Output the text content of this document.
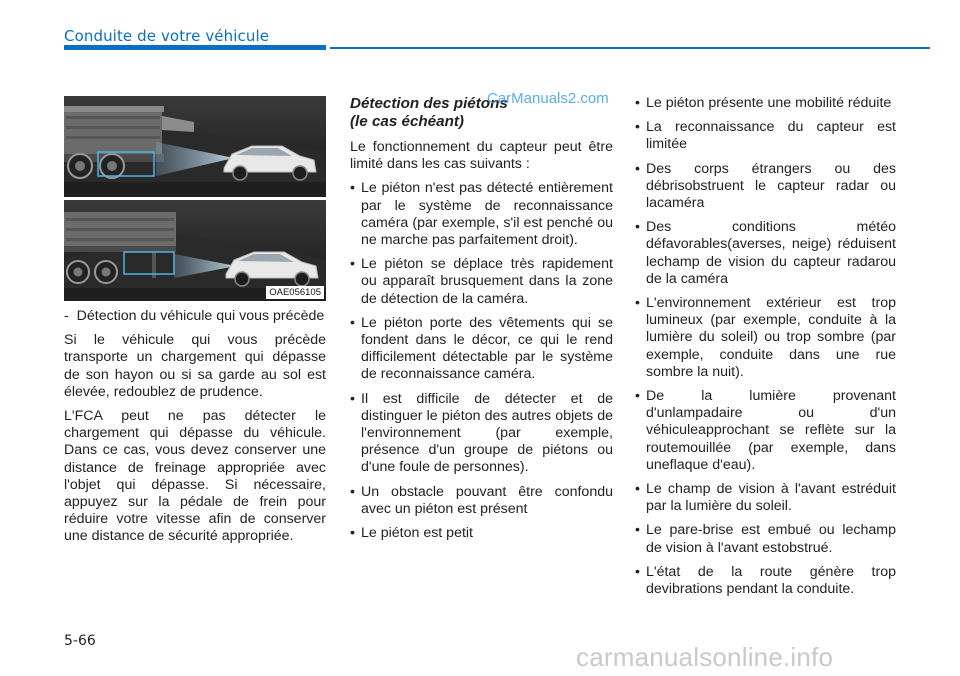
Conduite de votre véhicule
OAE056105
- Détection du véhicule qui vous précède

Si le véhicule qui vous précède transporte un chargement qui dépasse de son hayon ou si sa garde au sol est élevée, redoublez de prudence.

L'FCA peut ne pas détecter le chargement qui dépasse du véhicule. Dans ce cas, vous devez conserver une distance de freinage appropriée avec l'objet qui dépasse. Si nécessaire, appuyez sur la pédale de frein pour réduire votre vitesse afin de conserver une distance de sécurité appropriée.

Détection des piétons
(le cas échéant)

Le fonctionnement du capteur peut être limité dans les cas suivants :

• Le piéton n'est pas détecté entièrement par le système de reconnaissance caméra (par exemple, s'il est penché ou ne marche pas parfaitement droit).
• Le piéton se déplace très rapidement ou apparaît brusquement dans la zone de détection de la caméra.
• Le piéton porte des vêtements qui se fondent dans le décor, ce qui le rend difficilement détectable par le système de reconnaissance caméra.
• Il est difficile de détecter et de distinguer le piéton des autres objets de l'environnement (par exemple, présence d'un groupe de piétons ou d'une foule de personnes).
• Un obstacle pouvant être confondu avec un piéton est présent
• Le piéton est petit
• Le piéton présente une mobilité réduite
• La reconnaissance du capteur est limitée
• Des corps étrangers ou des débrisobstruent le capteur radar ou lacaméra
• Des conditions météo défavorables(averses, neige) réduisent lechamp de vision du capteur radarou de la caméra
• L'environnement extérieur est trop lumineux (par exemple, conduite à la lumière du soleil) ou trop sombre (par exemple, conduite dans une rue sombre la nuit).
• De la lumière provenant d'unlampadaire ou d'un véhiculeapprochant se reflète sur la routemouillée (par exemple, dans uneflaque d'eau).
• Le champ de vision à l'avant estréduit par la lumière du soleil.
• Le pare-brise est embué ou lechamp de vision à l'avant estobstrué.
• L'état de la route génère trop devibrations pendant la conduite.
CarManuals2.com
5-66
carmanualsonline.info
